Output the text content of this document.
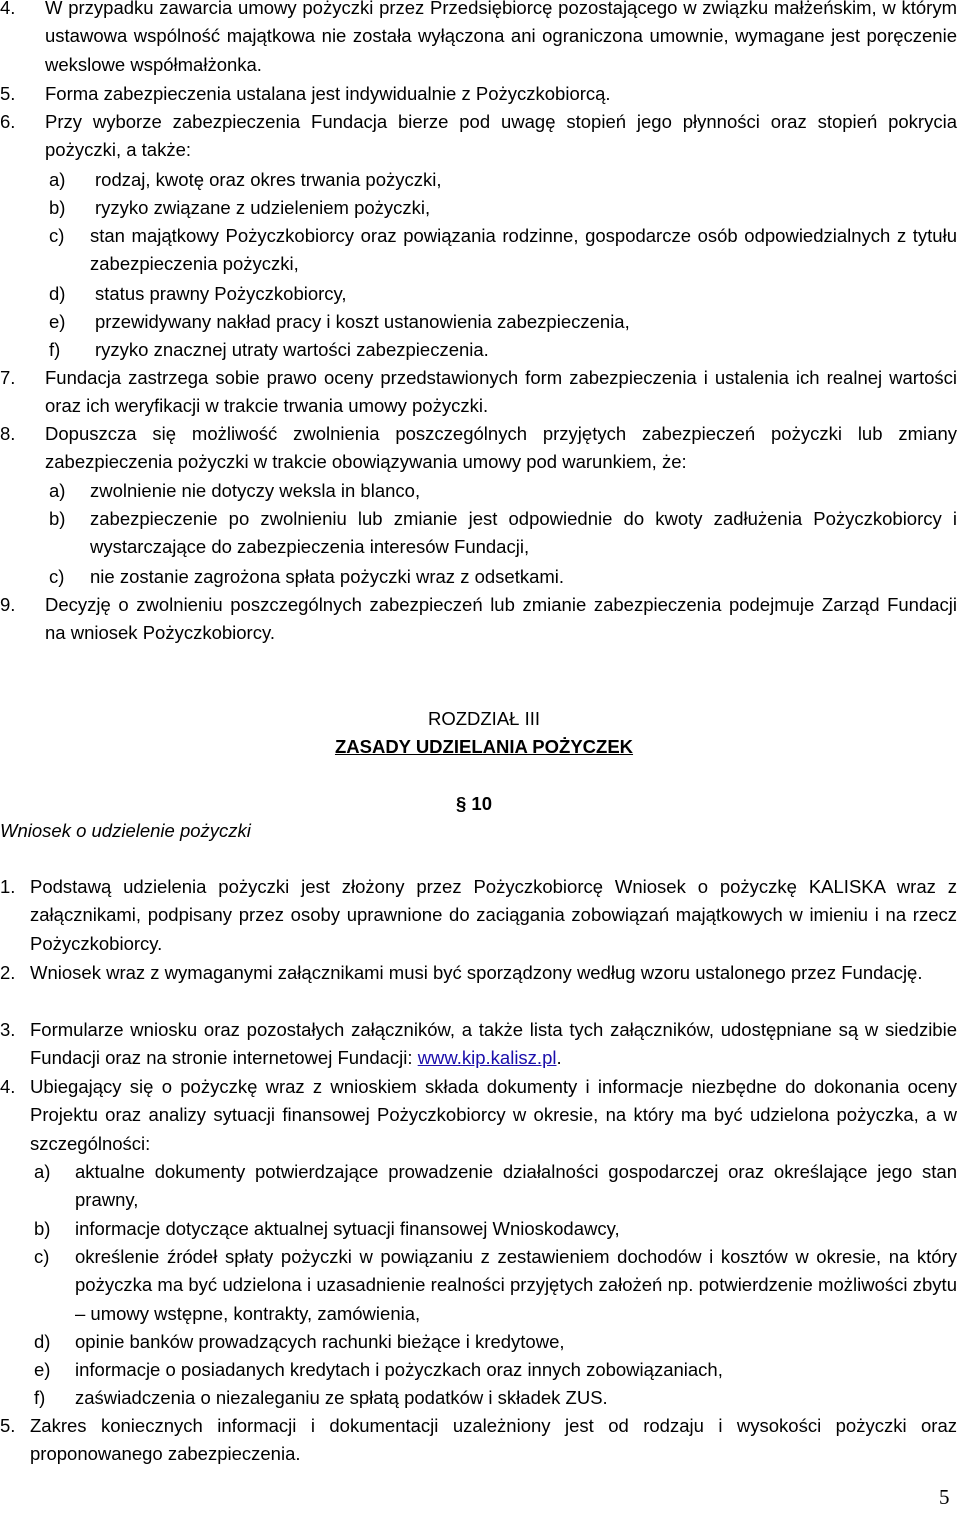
4. W przypadku zawarcia umowy pożyczki przez Przedsiębiorcę pozostającego w związku małżeńskim, w którym ustawowa wspólność majątkowa nie została wyłączona ani ograniczona umownie, wymagane jest poręczenie wekslowe współmałżonka.
5. Forma zabezpieczenia ustalana jest indywidualnie z Pożyczkobiorcą.
6. Przy wyborze zabezpieczenia Fundacja bierze pod uwagę stopień jego płynności oraz stopień pokrycia pożyczki, a także:
a) rodzaj, kwotę oraz okres trwania pożyczki,
b) ryzyko związane z udzieleniem pożyczki,
c) stan majątkowy Pożyczkobiorcy oraz powiązania rodzinne, gospodarcze osób odpowiedzialnych z tytułu zabezpieczenia pożyczki,
d) status prawny Pożyczkobiorcy,
e) przewidywany nakład pracy i koszt ustanowienia zabezpieczenia,
f) ryzyko znacznej utraty wartości zabezpieczenia.
7. Fundacja zastrzega sobie prawo oceny przedstawionych form zabezpieczenia i ustalenia ich realnej wartości oraz ich weryfikacji w trakcie trwania umowy pożyczki.
8. Dopuszcza się możliwość zwolnienia poszczególnych przyjętych zabezpieczeń pożyczki lub zmiany zabezpieczenia pożyczki w trakcie obowiązywania umowy pod warunkiem, że:
a) zwolnienie nie dotyczy weksla in blanco,
b) zabezpieczenie po zwolnieniu lub zmianie jest odpowiednie do kwoty zadłużenia Pożyczkobiorcy i wystarczające do zabezpieczenia interesów Fundacji,
c) nie zostanie zagrożona spłata pożyczki wraz z odsetkami.
9. Decyzję o zwolnieniu poszczególnych zabezpieczeń lub zmianie zabezpieczenia podejmuje Zarząd Fundacji na wniosek Pożyczkobiorcy.
ROZDZIAŁ III
ZASADY UDZIELANIA POŻYCZEK
§ 10
Wniosek o udzielenie pożyczki
1. Podstawą udzielenia pożyczki jest złożony przez Pożyczkobiorcę Wniosek o pożyczkę KALISKA wraz z załącznikami, podpisany przez osoby uprawnione do zaciągania zobowiązań majątkowych w imieniu i na rzecz Pożyczkobiorcy.
2. Wniosek wraz z wymaganymi załącznikami musi być sporządzony według wzoru ustalonego przez Fundację.
3. Formularze wniosku oraz pozostałych załączników, a także lista tych załączników, udostępniane są w siedzibie Fundacji oraz na stronie internetowej Fundacji: www.kip.kalisz.pl.
4. Ubiegający się o pożyczkę wraz z wnioskiem składa dokumenty i informacje niezbędne do dokonania oceny Projektu oraz analizy sytuacji finansowej Pożyczkobiorcy w okresie, na który ma być udzielona pożyczka, a w szczególności:
a) aktualne dokumenty potwierdzające prowadzenie działalności gospodarczej oraz określające jego stan prawny,
b) informacje dotyczące aktualnej sytuacji finansowej Wnioskodawcy,
c) określenie źródeł spłaty pożyczki w powiązaniu z zestawieniem dochodów i kosztów w okresie, na który pożyczka ma być udzielona i uzasadnienie realności przyjętych założeń np. potwierdzenie możliwości zbytu – umowy wstępne, kontrakty, zamówienia,
d) opinie banków prowadzących rachunki bieżące i kredytowe,
e) informacje o posiadanych kredytach i pożyczkach oraz innych zobowiązaniach,
f) zaświadczenia o niezaleganiu ze spłatą podatków i składek ZUS.
5. Zakres koniecznych informacji i dokumentacji uzależniony jest od rodzaju i wysokości pożyczki oraz proponowanego zabezpieczenia.
5
